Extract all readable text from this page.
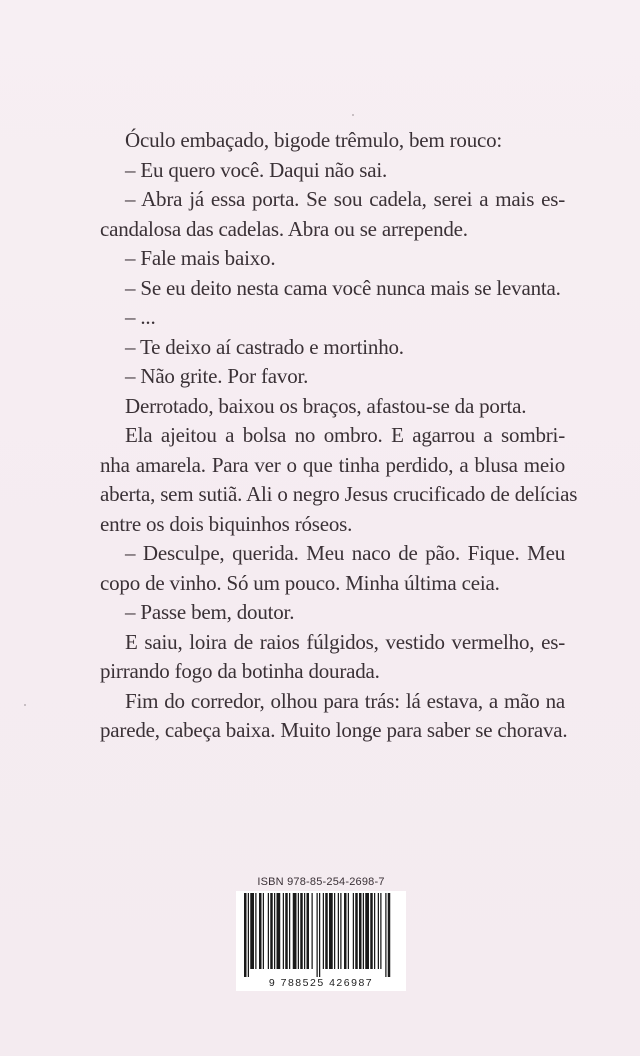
Óculo embaçado, bigode trêmulo, bem rouco:
– Eu quero você. Daqui não sai.
– Abra já essa porta. Se sou cadela, serei a mais es-
candalosa das cadelas. Abra ou se arrepende.
– Fale mais baixo.
– Se eu deito nesta cama você nunca mais se levanta.
– ...
– Te deixo aí castrado e mortinho.
– Não grite. Por favor.
Derrotado, baixou os braços, afastou-se da porta.
Ela ajeitou a bolsa no ombro. E agarrou a sombri-
nha amarela. Para ver o que tinha perdido, a blusa meio
aberta, sem sutiã. Ali o negro Jesus crucificado de delícias
entre os dois biquinhos róseos.
– Desculpe, querida. Meu naco de pão. Fique. Meu
copo de vinho. Só um pouco. Minha última ceia.
– Passe bem, doutor.
E saiu, loira de raios fúlgidos, vestido vermelho, es-
pirrando fogo da botinha dourada.
Fim do corredor, olhou para trás: lá estava, a mão na
parede, cabeça baixa. Muito longe para saber se chorava.
ISBN 978-85-254-2698-7
9 788525 426987
